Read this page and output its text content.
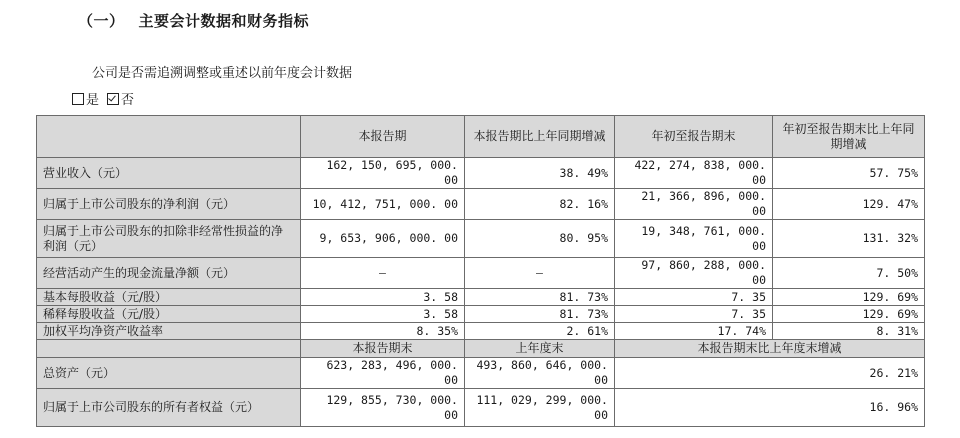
（一） 主要会计数据和财务指标
公司是否需追溯调整或重述以前年度会计数据
是 否
	本报告期	本报告期比上年同期增减	年初至报告期末	年初至报告期末比上年同期增减
营业收入（元）	162, 150, 695, 000. 00	38. 49%	422, 274, 838, 000. 00	57. 75%
归属于上市公司股东的净利润（元）	10, 412, 751, 000. 00	82. 16%	21, 366, 896, 000. 00	129. 47%
归属于上市公司股东的扣除非经常性损益的净利润（元）	9, 653, 906, 000. 00	80. 95%	19, 348, 761, 000. 00	131. 32%
经营活动产生的现金流量净额（元）	—	—	97, 860, 288, 000. 00	7. 50%
基本每股收益（元/股）	3. 58	81. 73%	7. 35	129. 69%
稀释每股收益（元/股）	3. 58	81. 73%	7. 35	129. 69%
加权平均净资产收益率	8. 35%	2. 61%	17. 74%	8. 31%
	本报告期末	上年度末	本报告期末比上年度末增减	
总资产（元）	623, 283, 496, 000. 00	493, 860, 646, 000. 00	26. 21%	
归属于上市公司股东的所有者权益（元）	129, 855, 730, 000. 00	111, 029, 299, 000. 00	16. 96%	
